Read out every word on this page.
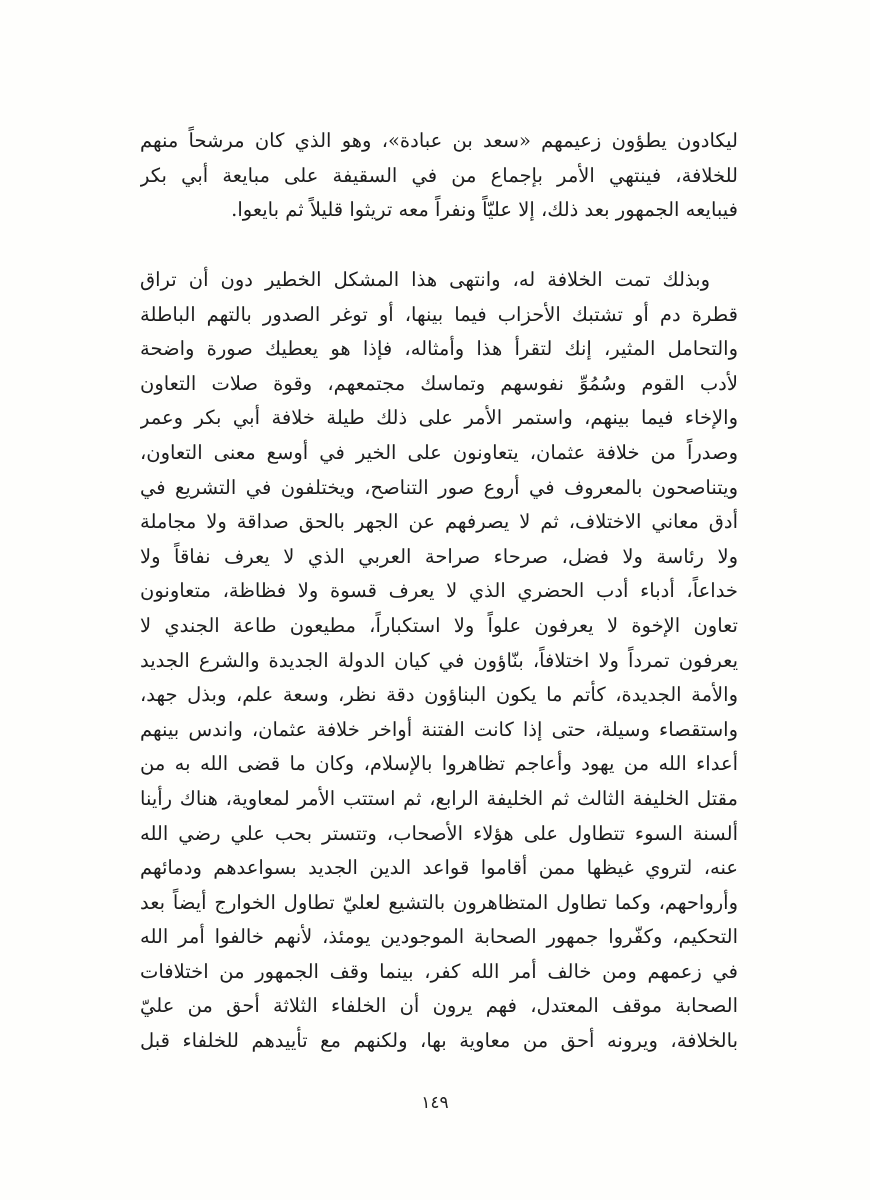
ليكادون يطؤون زعيمهم «سعد بن عبادة»، وهو الذي كان مرشحاً منهم
للخلافة، فينتهي الأمر بإجماع من في السقيفة على مبايعة أبي بكر
فيبايعه الجمهور بعد ذلك، إلا عليّاً ونفراً معه تريثوا قليلاً ثم بايعوا.
وبذلك تمت الخلافة له، وانتهى هذا المشكل الخطير دون أن تراق
قطرة دم أو تشتبك الأحزاب فيما بينها، أو توغر الصدور بالتهم الباطلة
والتحامل المثير، إنك لتقرأ هذا وأمثاله، فإذا هو يعطيك صورة واضحة
لأدب القوم وسُمُوِّ نفوسهم وتماسك مجتمعهم، وقوة صلات التعاون
والإخاء فيما بينهم، واستمر الأمر على ذلك طيلة خلافة أبي بكر وعمر
وصدراً من خلافة عثمان، يتعاونون على الخير في أوسع معنى التعاون،
ويتناصحون بالمعروف في أروع صور التناصح، ويختلفون في التشريع في
أدق معاني الاختلاف، ثم لا يصرفهم عن الجهر بالحق صداقة ولا مجاملة
ولا رئاسة ولا فضل، صرحاء صراحة العربي الذي لا يعرف نفاقاً ولا
خداعاً، أدباء أدب الحضري الذي لا يعرف قسوة ولا فظاظة، متعاونون
تعاون الإخوة لا يعرفون علواً ولا استكباراً، مطيعون طاعة الجندي لا
يعرفون تمرداً ولا اختلافاً، بنّاؤون في كيان الدولة الجديدة والشرع الجديد
والأمة الجديدة، كأتم ما يكون البناؤون دقة نظر، وسعة علم، وبذل جهد،
واستقصاء وسيلة، حتى إذا كانت الفتنة أواخر خلافة عثمان، واندس بينهم
أعداء الله من يهود وأعاجم تظاهروا بالإسلام، وكان ما قضى الله به من
مقتل الخليفة الثالث ثم الخليفة الرابع، ثم استتب الأمر لمعاوية، هناك رأينا
ألسنة السوء تتطاول على هؤلاء الأصحاب، وتتستر بحب علي رضي الله
عنه، لتروي غيظها ممن أقاموا قواعد الدين الجديد بسواعدهم ودمائهم
وأرواحهم، وكما تطاول المتظاهرون بالتشيع لعليّ تطاول الخوارج أيضاً بعد
التحكيم، وكفّروا جمهور الصحابة الموجودين يومئذ، لأنهم خالفوا أمر الله
في زعمهم ومن خالف أمر الله كفر، بينما وقف الجمهور من اختلافات
الصحابة موقف المعتدل، فهم يرون أن الخلفاء الثلاثة أحق من عليّ
بالخلافة، ويرونه أحق من معاوية بها، ولكنهم مع تأييدهم للخلفاء قبل
١٤٩
